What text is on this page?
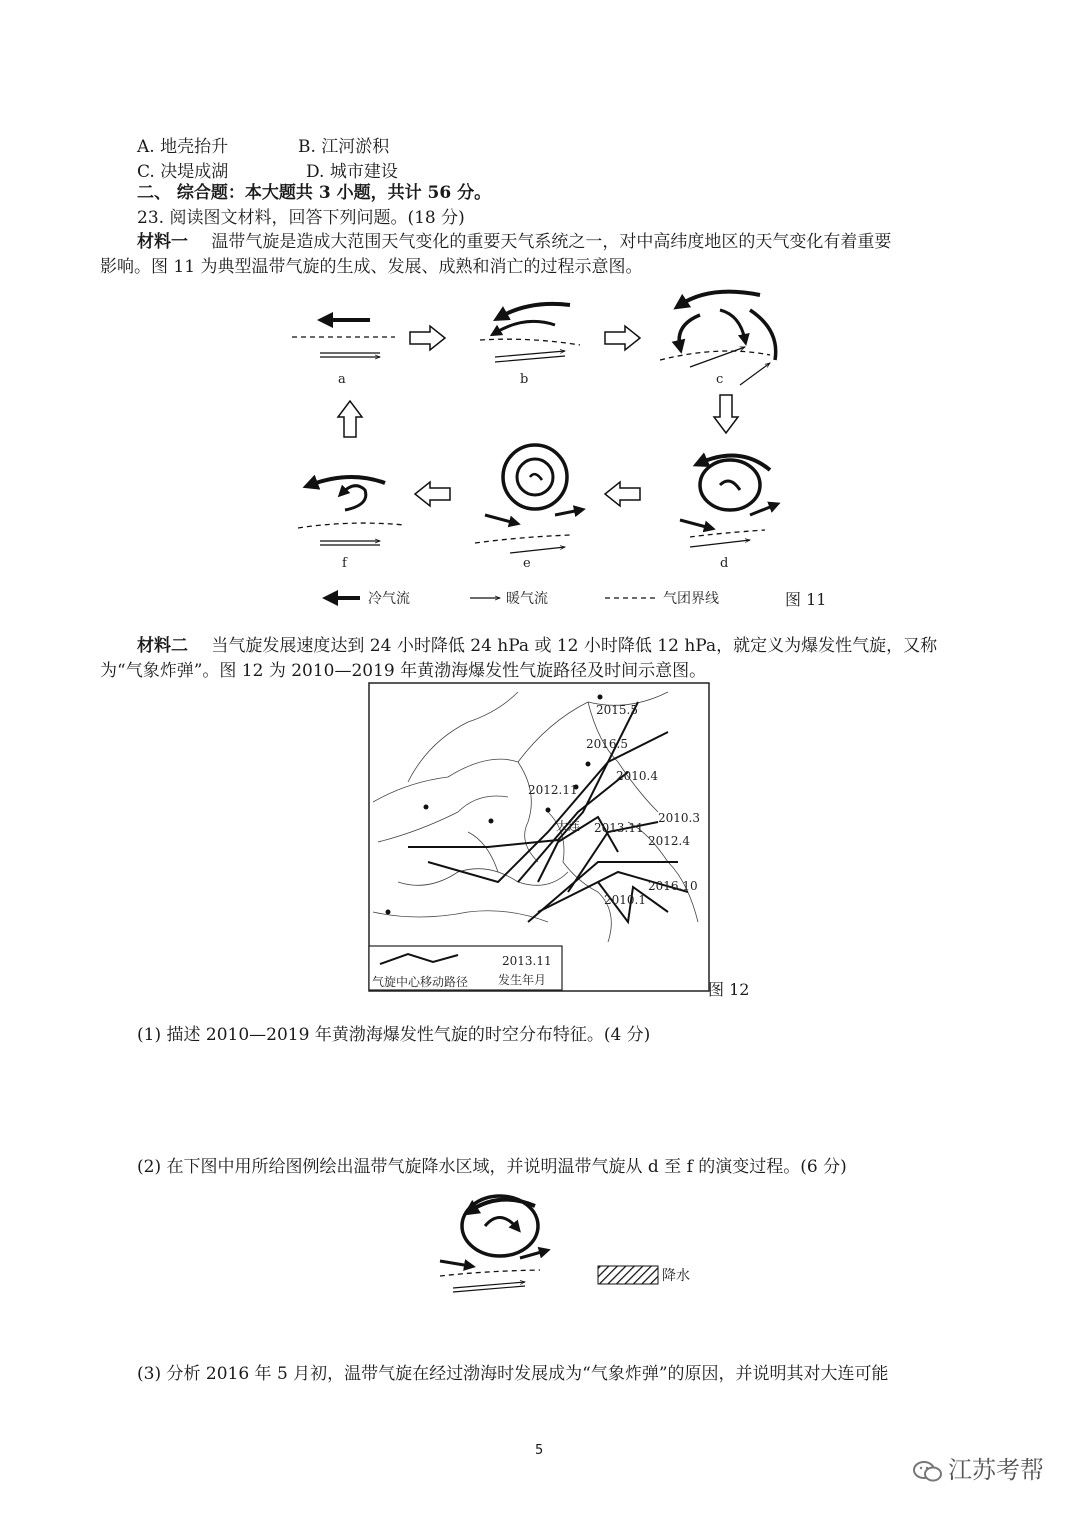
A. 地壳抬升	B. 江河淤积
C. 决堤成湖	D. 城市建设
二、 综合题：本大题共 3 小题，共计 56 分。
23. 阅读图文材料，回答下列问题。(18 分)
材料一 温带气旋是造成大范围天气变化的重要天气系统之一，对中高纬度地区的天气变化有着重要
影响。图 11 为典型温带气旋的生成、发展、成熟和消亡的过程示意图。
a	b	c
d
e
f
冷气流	暖气流	气团界线	图 11
材料二 当气旋发展速度达到 24 小时降低 24 hPa 或 12 小时降低 12 hPa，就定义为爆发性气旋，又称
为“气象炸弹”。图 12 为 2010—2019 年黄渤海爆发性气旋路径及时间示意图。
2015.5
2016.5
2012.11
2010.4
2010.3
大连 2013.11
2012.4
2016.10
2010.1
气旋中心移动路径
2013.11
发生年月	图 12
(1) 描述 2010—2019 年黄渤海爆发性气旋的时空分布特征。(4 分)
(2) 在下图中用所给图例绘出温带气旋降水区域，并说明温带气旋从 d 至 f 的演变过程。(6 分)
降水
(3) 分析 2016 年 5 月初，温带气旋在经过渤海时发展成为“气象炸弹”的原因，并说明其对大连可能
5
江苏考帮
